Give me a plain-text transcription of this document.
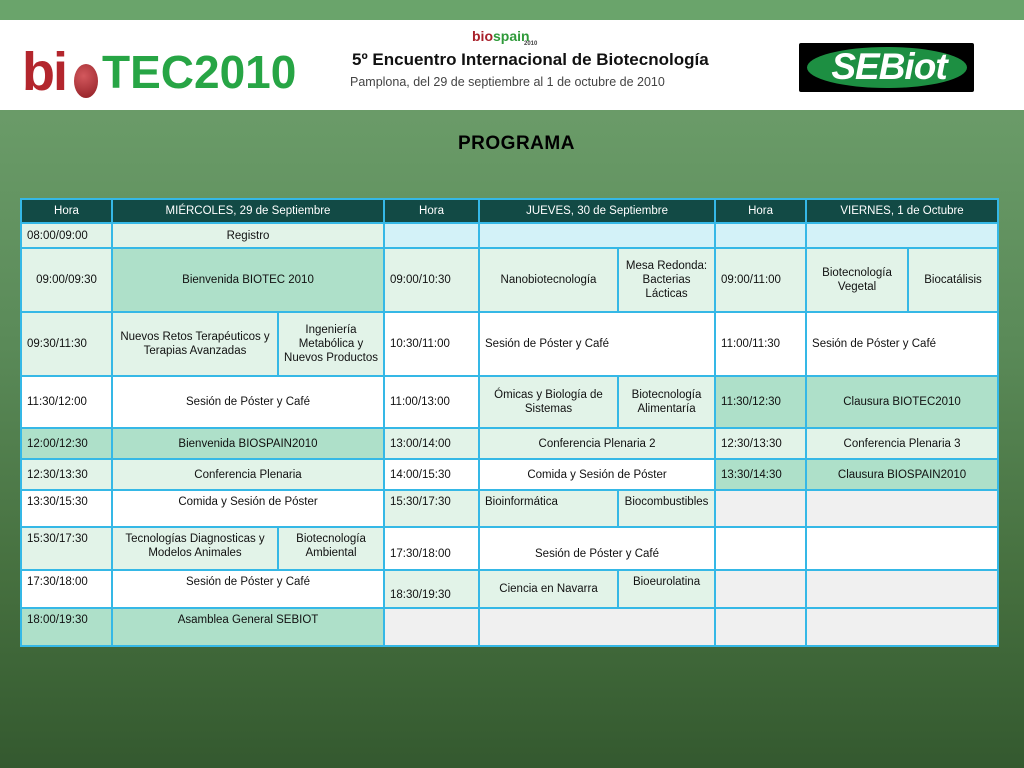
bi TEC2010
biospain
2010
5º Encuentro Internacional de Biotecnología
Pamplona, del 29 de septiembre al 1 de octubre de 2010	SEBiot
PROGRAMA
Hora	MIÉRCOLES, 29 de Septiembre		Hora	JUEVES, 30 de Septiembre		Hora	VIERNES, 1 de Octubre	
08:00/09:00	Registro							
09:00/09:30	Bienvenida BIOTEC 2010		09:00/10:30	Nanobiotecnología	Mesa Redonda: Bacterias Lácticas	09:00/11:00	Biotecnología Vegetal	Biocatálisis
09:30/11:30	Nuevos Retos Terapéuticos y Terapias Avanzadas	Ingeniería Metabólica y Nuevos Productos	10:30/11:00	Sesión de Póster y Café		11:00/11:30	Sesión de Póster y Café	
11:30/12:00	Sesión de Póster y Café		11:00/13:00	Ómicas y Biología de Sistemas	Biotecnología Alimentaría	11:30/12:30	Clausura BIOTEC2010	
12:00/12:30	Bienvenida BIOSPAIN2010		13:00/14:00	Conferencia Plenaria 2		12:30/13:30	Conferencia Plenaria 3	
12:30/13:30	Conferencia Plenaria		14:00/15:30	Comida y Sesión de Póster		13:30/14:30	Clausura BIOSPAIN2010	
13:30/15:30	Comida y Sesión de Póster		15:30/17:30	Bioinformática	Biocombustibles			
15:30/17:30	Tecnologías Diagnosticas y Modelos Animales	Biotecnología Ambiental	17:30/18:00	Sesión de Póster y Café				
17:30/18:00	Sesión de Póster y Café		18:30/19:30	Ciencia en Navarra	Bioeurolatina			
18:00/19:30	Asamblea General SEBIOT							
